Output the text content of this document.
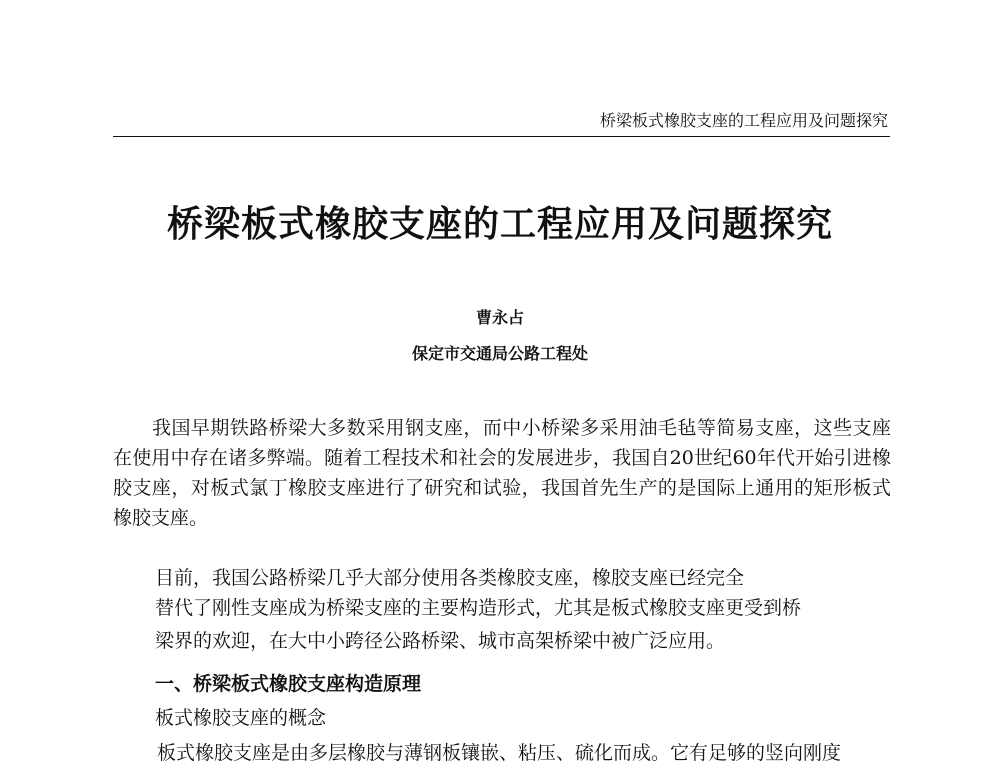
桥梁板式橡胶支座的工程应用及问题探究
桥梁板式橡胶支座的工程应用及问题探究
曹永占
保定市交通局公路工程处

我国早期铁路桥梁大多数采用钢支座，而中小桥梁多采用油毛毡等简易支座，这些支座在使用中存在诸多弊端。随着工程技术和社会的发展进步，我国自20世纪60年代开始引进橡胶支座，对板式氯丁橡胶支座进行了研究和试验，我国首先生产的是国际上通用的矩形板式橡胶支座。

目前，我国公路桥梁几乎大部分使用各类橡胶支座，橡胶支座已经完全
替代了刚性支座成为桥梁支座的主要构造形式，尤其是板式橡胶支座更受到桥
梁界的欢迎，在大中小跨径公路桥梁、城市高架桥梁中被广泛应用。
一、桥梁板式橡胶支座构造原理
板式橡胶支座的概念
板式橡胶支座是由多层橡胶与薄钢板镶嵌、粘压、硫化而成。它有足够的竖向刚度
